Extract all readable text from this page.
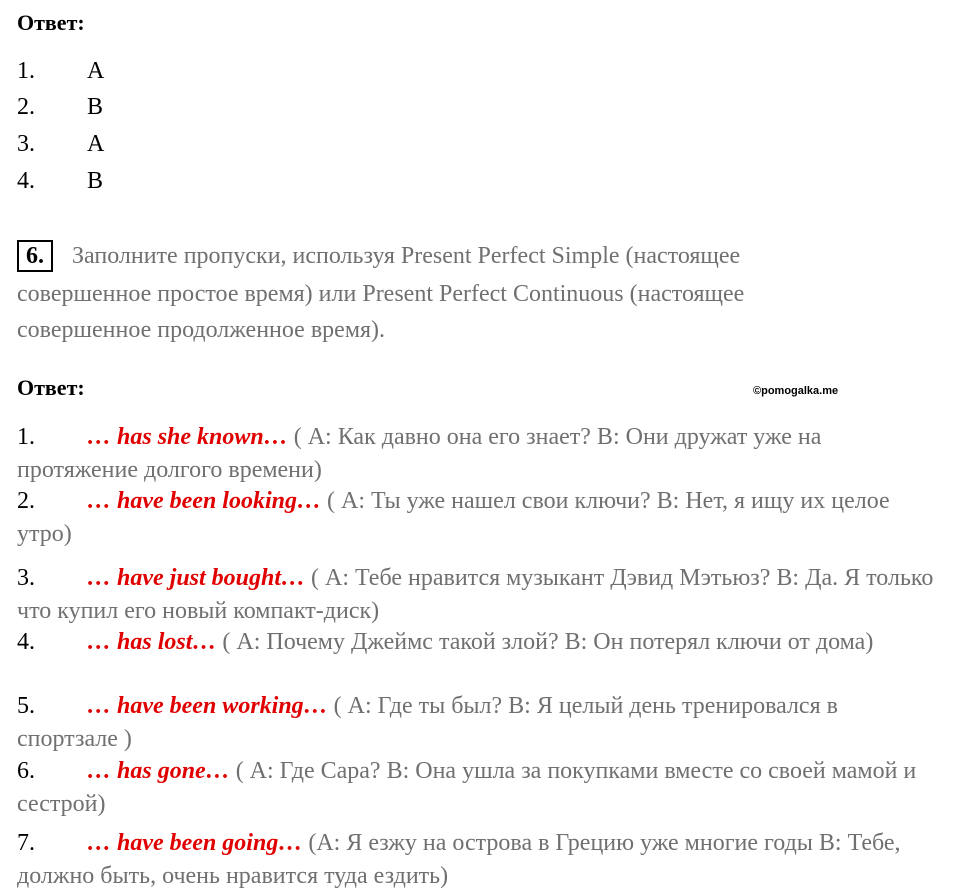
Ответ:
1. A
2. B
3. A
4. B
6.	Заполните пропуски, используя Present Perfect Simple (настоящее
совершенное простое время) или Present Perfect Continuous (настоящее
совершенное продолженное время).
Ответ:	©pomogalka.me
1. … has she known… ( А: Как давно она его знает? В: Они дружат уже на протяжение долгого времени)
2. … have been looking… ( А: Ты уже нашел свои ключи? В: Нет, я ищу их целое утро)
3. … have just bought… ( А: Тебе нравится музыкант Дэвид Мэтьюз? В: Да. Я только что купил его новый компакт-диск)
4. … has lost… ( А: Почему Джеймс такой злой? В: Он потерял ключи от дома)
5. … have been working… ( А: Где ты был? В: Я целый день тренировался в спортзале )
6. … has gone… ( А: Где Сара? В: Она ушла за покупками вместе со своей мамой и сестрой)
7. … have been going… (А: Я езжу на острова в Грецию уже многие годы В: Тебе, должно быть, очень нравится туда ездить)
